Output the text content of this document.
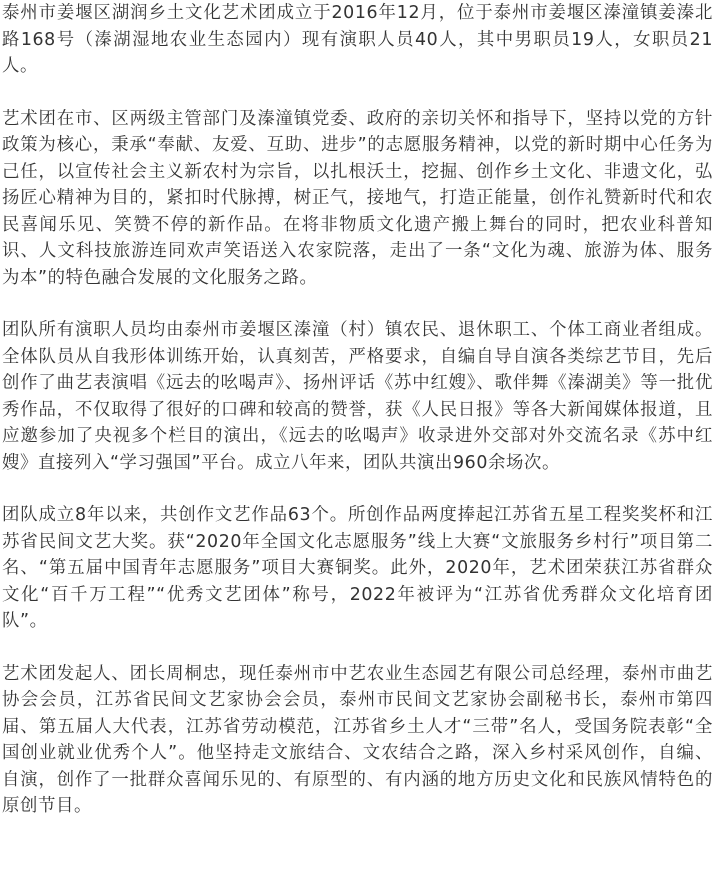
泰州市姜堰区湖润乡土文化艺术团成立于2016年12月，位于泰州市姜堰区溱潼镇姜溱北路168号（溱湖湿地农业生态园内）现有演职人员40人，其中男职员19人，女职员21人。

艺术团在市、区两级主管部门及溱潼镇党委、政府的亲切关怀和指导下，坚持以党的方针政策为核心，秉承“奉献、友爱、互助、进步”的志愿服务精神，以党的新时期中心任务为己任，以宣传社会主义新农村为宗旨，以扎根沃土，挖掘、创作乡土文化、非遗文化，弘扬匠心精神为目的，紧扣时代脉搏，树正气，接地气，打造正能量，创作礼赞新时代和农民喜闻乐见、笑赞不停的新作品。在将非物质文化遗产搬上舞台的同时，把农业科普知识、人文科技旅游连同欢声笑语送入农家院落，走出了一条“文化为魂、旅游为体、服务为本”的特色融合发展的文化服务之路。

团队所有演职人员均由泰州市姜堰区溱潼（村）镇农民、退休职工、个体工商业者组成。全体队员从自我形体训练开始，认真刻苦，严格要求，自编自导自演各类综艺节目，先后创作了曲艺表演唱《远去的吆喝声》、扬州评话《苏中红嫂》、歌伴舞《溱湖美》等一批优秀作品，不仅取得了很好的口碑和较高的赞誉，获《人民日报》等各大新闻媒体报道，且应邀参加了央视多个栏目的演出，《远去的吆喝声》收录进外交部对外交流名录《苏中红嫂》直接列入“学习强国”平台。成立八年来，团队共演出960余场次。

团队成立8年以来，共创作文艺作品63个。所创作品两度捧起江苏省五星工程奖奖杯和江苏省民间文艺大奖。获“2020年全国文化志愿服务”线上大赛“文旅服务乡村行”项目第二名、“第五届中国青年志愿服务”项目大赛铜奖。此外，2020年，艺术团荣获江苏省群众文化“百千万工程”“优秀文艺团体”称号，2022年被评为“江苏省优秀群众文化培育团队”。

艺术团发起人、团长周桐忠，现任泰州市中艺农业生态园艺有限公司总经理，泰州市曲艺协会会员，江苏省民间文艺家协会会员，泰州市民间文艺家协会副秘书长，泰州市第四届、第五届人大代表，江苏省劳动模范，江苏省乡土人才“三带”名人，受国务院表彰“全国创业就业优秀个人”。他坚持走文旅结合、文农结合之路，深入乡村采风创作，自编、自演，创作了一批群众喜闻乐见的、有原型的、有内涵的地方历史文化和民族风情特色的原创节目。
